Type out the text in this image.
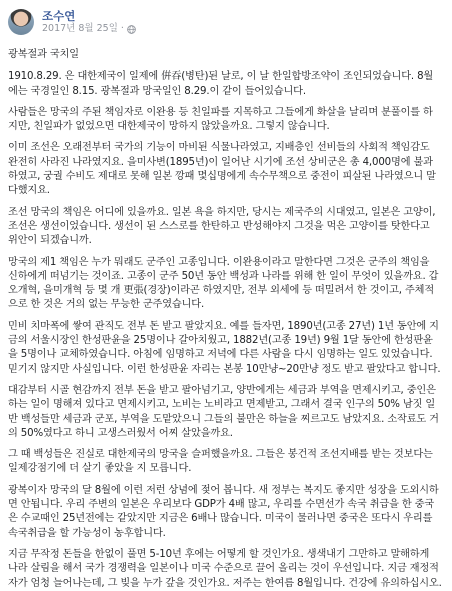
조수연
2017년 8월 25일 ·
광복절과 국치일
1910.8.29. 은 대한제국이 일제에 倂吞(병탄)된 날로, 이 날 한일합방조약이 조인되었습니다. 8월에는 국경일인 8.15. 광복절과 망국일인 8.29.이 같이 들어있습니다.
사람들은 망국의 주된 책임자로 이완용 등 친일파를 지목하고 그들에게 화살을 날리며 분풀이를 하지만, 친일파가 없었으면 대한제국이 망하지 않았을까요. 그렇지 않습니다.
이미 조선은 오래전부터 국가의 기능이 마비된 식물나라였고, 지배층인 선비들의 사회적 책임감도 완전히 사라진 나라였지요. 을미사변(1895년)이 일어난 시기에 조선 상비군은 총 4,000명에 불과하였고, 궁궐 수비도 제대로 못해 일본 깡패 몇십명에게 속수무책으로 중전이 피살된 나라였으니 말 다했지요.
조선 망국의 책임은 어디에 있을까요. 일본 욕을 하지만, 당시는 제국주의 시대였고, 일본은 고양이, 조선은 생선이었습니다. 생선이 된 스스로를 한탄하고 반성해야지 그것을 먹은 고양이를 탓한다고 위안이 되겠습니까.
망국의 제1 책임은 누가 뭐래도 군주인 고종입니다. 이완용이라고 말한다면 그것은 군주의 책임을 신하에게 떠넘기는 것이죠. 고종이 군주 50년 동안 백성과 나라를 위해 한 일이 무엇이 있을까요. 갑오개혁, 을미개혁 등 몇 개 更張(경장)이라곤 하였지만, 전부 외세에 등 떠밀려서 한 것이고, 주체적으로 한 것은 거의 없는 무능한 군주였습니다.
민비 치마폭에 쌓여 관직도 전부 돈 받고 팔았지요. 예를 들자면, 1890년(고종 27년) 1년 동안에 지금의 서울시장인 한성판윤을 25명이나 갈아치웠고, 1882년(고종 19년) 9월 1달 동안에 한성판윤을 5명이나 교체하였습니다. 아침에 임명하고 저녁에 다른 사람을 다시 임명하는 일도 있었습니다. 믿기지 않지만 사실입니다. 이런 한성판윤 자리는 본봉 10만냥~20만냥 정도 받고 팔았다고 합니다.
대감부터 시골 현감까지 전부 돈을 받고 팔아넘기고, 양반에게는 세금과 부역을 면제시키고, 중인은 하는 일이 명해져 있다고 면제시키고, 노비는 노비라고 면제받고, 그래서 결국 인구의 50% 남짓 일반 백성들만 세금과 군포, 부역을 도맡았으니 그들의 불만은 하늘을 찌르고도 남았지요. 소작료도 거의 50%였다고 하니 고생스러웠서 어찌 살았을까요.
그 때 백성들은 진실로 대한제국의 망국을 슬퍼했을까요. 그들은 봉건적 조선지배를 받는 것보다는 일제강점기에 더 살기 좋았을 지 모릅니다.
광복이자 망국의 달 8월에 이런 저런 상념에 젖어 봅니다. 새 정부는 복지도 좋지만 성장을 도외시하면 안됩니다. 우리 주변의 일본은 우리보다 GDP가 4배 많고, 우리를 수면선가 속국 취급을 한 중국은 수교때인 25년전에는 같았지만 지금은 6배나 많습니다. 미국이 물러나면 중국은 또다시 우리를 속국취급을 할 가능성이 농후합니다.
지금 무작정 돈들을 한없이 풀면 5-10년 후에는 어떻게 할 것인가요. 생색내기 그만하고 말해하게 나라 살림을 해서 국가 경쟁력을 일본이나 미국 수준으로 끌어 올리는 것이 우선입니다. 지금 재정적자가 엄청 늘어나는데, 그 빚을 누가 갚을 것인가요. 저주는 한여름 8월입니다. 건강에 유의하십시오.
